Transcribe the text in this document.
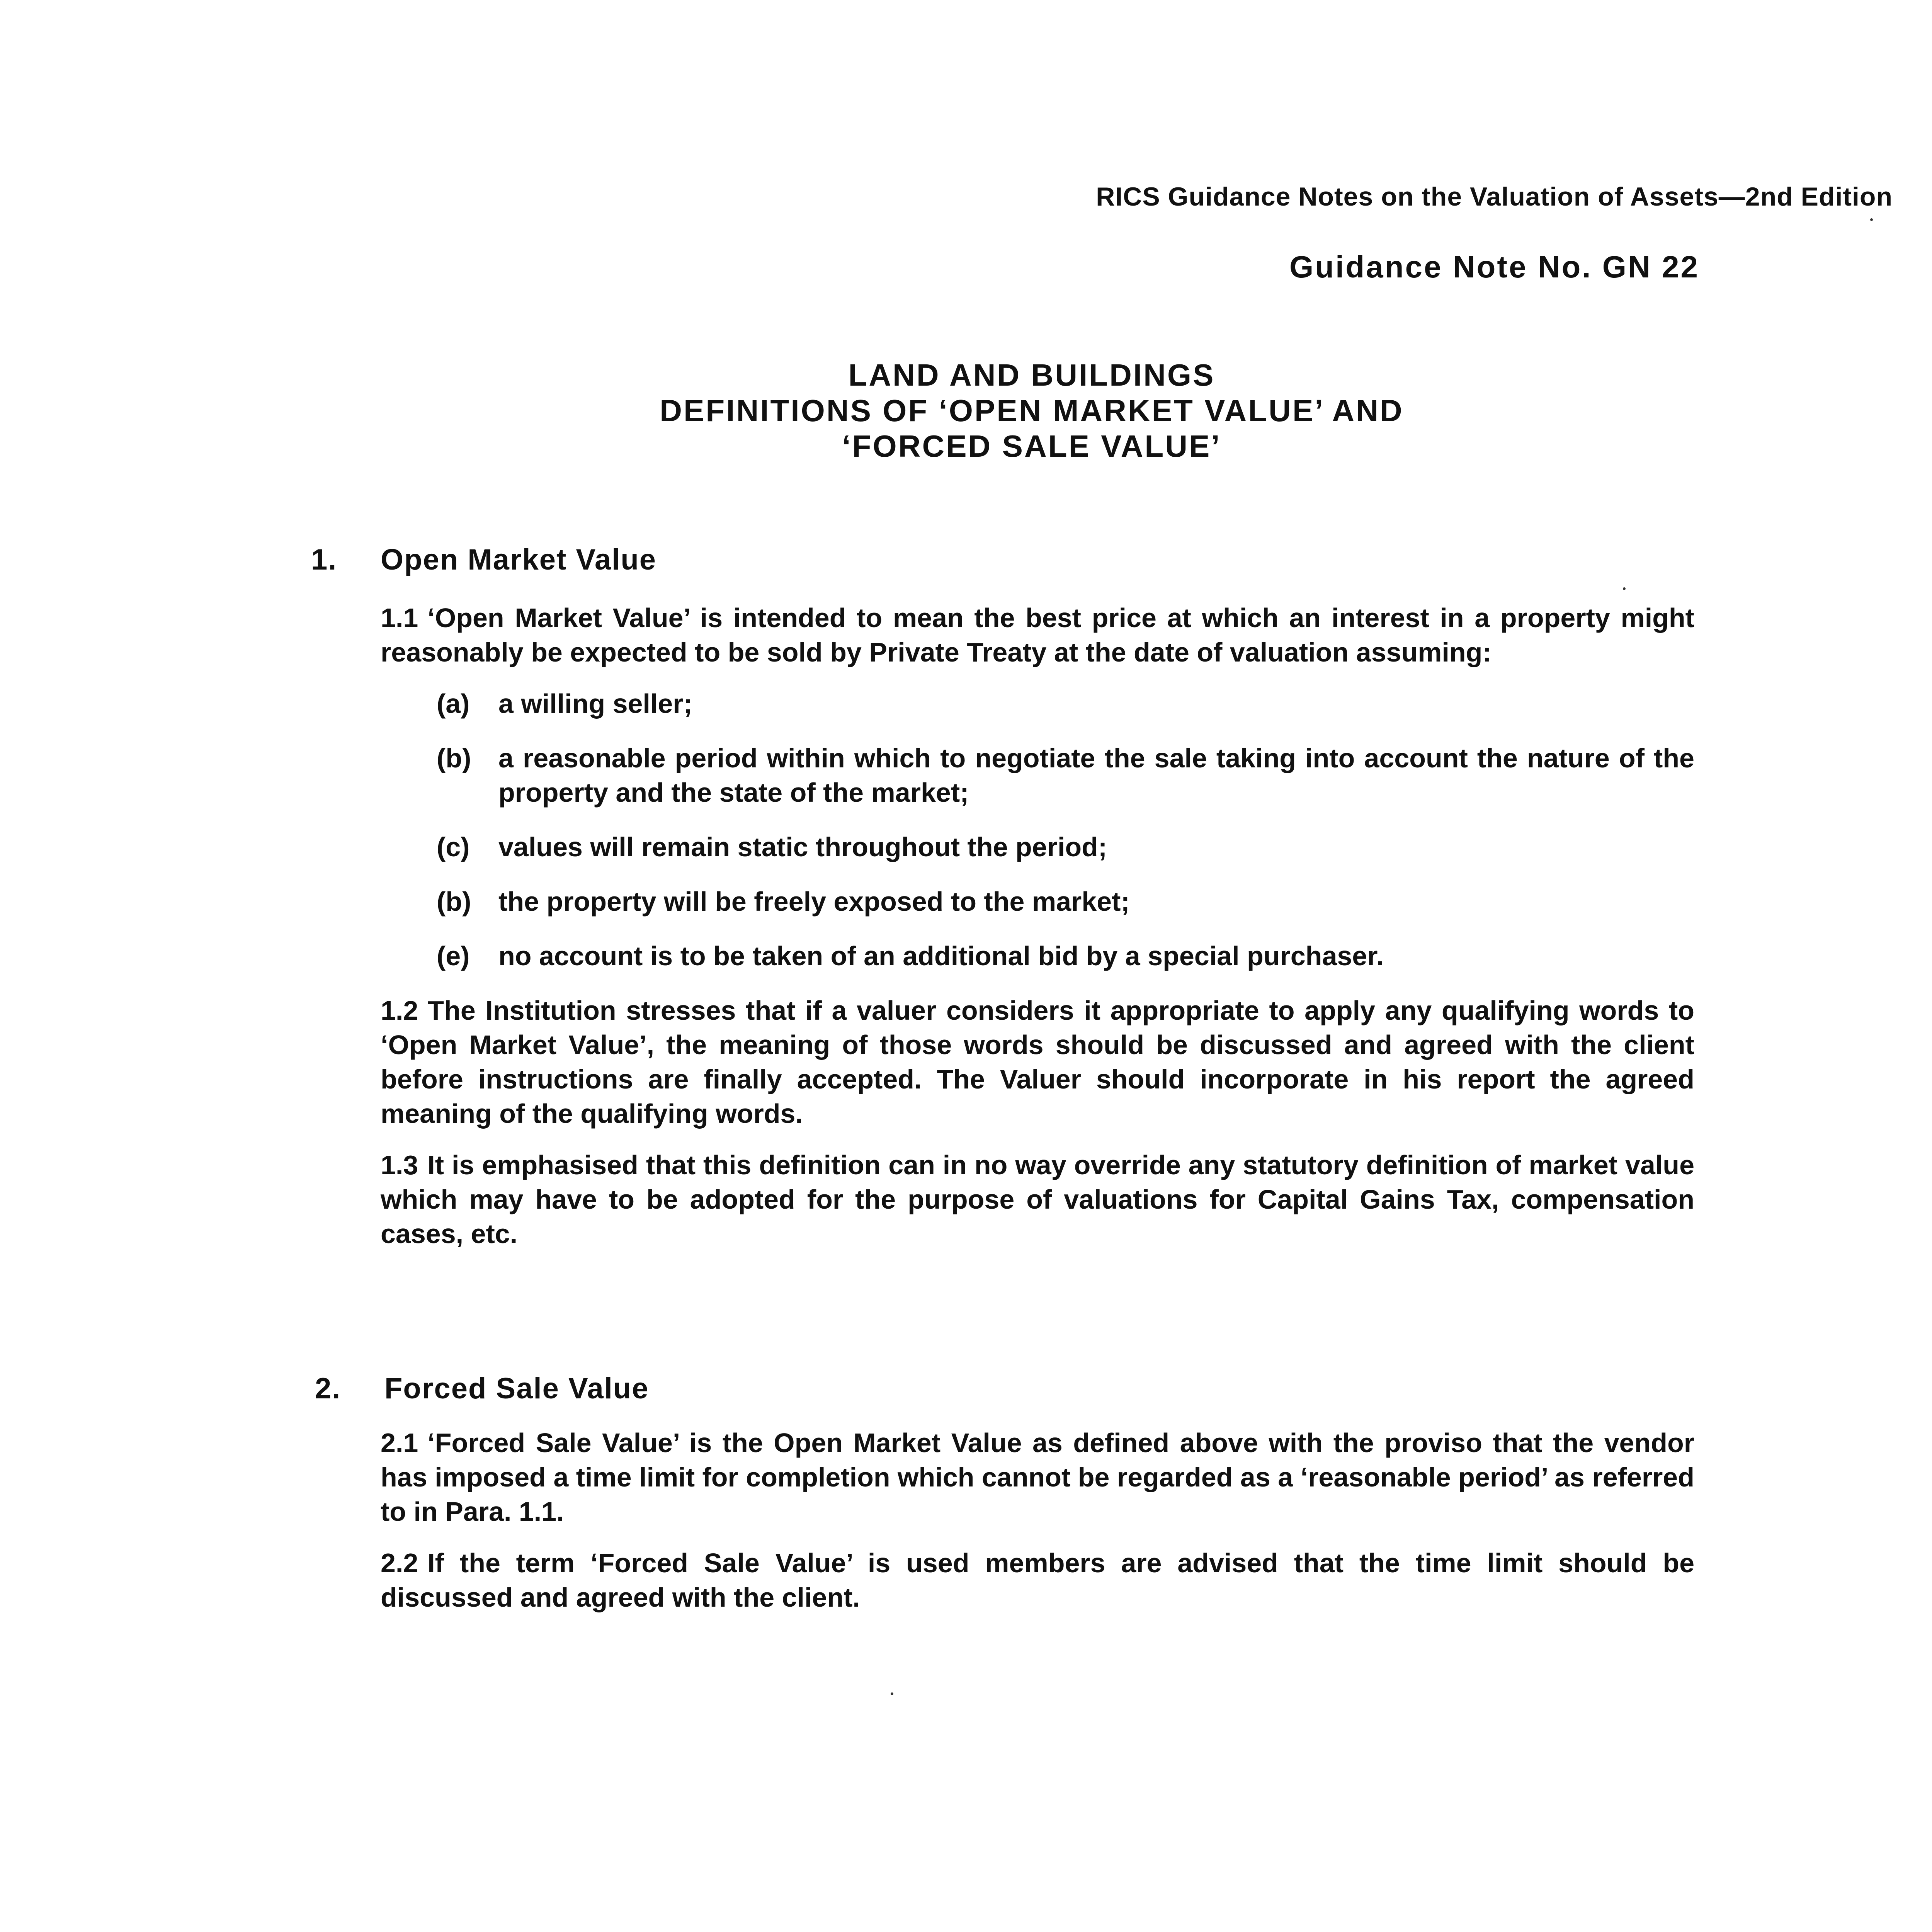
RICS Guidance Notes on the Valuation of Assets—2nd Edition
Guidance Note No. GN 22
LAND AND BUILDINGS
DEFINITIONS OF ‘OPEN MARKET VALUE’ AND
‘FORCED SALE VALUE’
1. Open Market Value

1.1 ‘Open Market Value’ is intended to mean the best price at which an interest in a property might reasonably be expected to be sold by Private Treaty at the date of valuation assuming:

(a) a willing seller;
(b) a reasonable period within which to negotiate the sale taking into account the nature of the property and the state of the market;
(c) values will remain static throughout the period;
(b) the property will be freely exposed to the market;
(e) no account is to be taken of an additional bid by a special purchaser.

1.2 The Institution stresses that if a valuer considers it appropriate to apply any qualifying words to ‘Open Market Value’, the meaning of those words should be discussed and agreed with the client before instructions are finally accepted. The Valuer should incorporate in his report the agreed meaning of the qualifying words.

1.3 It is emphasised that this definition can in no way override any statutory definition of market value which may have to be adopted for the purpose of valuations for Capital Gains Tax, compensation cases, etc.

2. Forced Sale Value

2.1 ‘Forced Sale Value’ is the Open Market Value as defined above with the proviso that the vendor has imposed a time limit for completion which cannot be regarded as a ‘reasonable period’ as referred to in Para. 1.1.

2.2 If the term ‘Forced Sale Value’ is used members are advised that the time limit should be discussed and agreed with the client.
